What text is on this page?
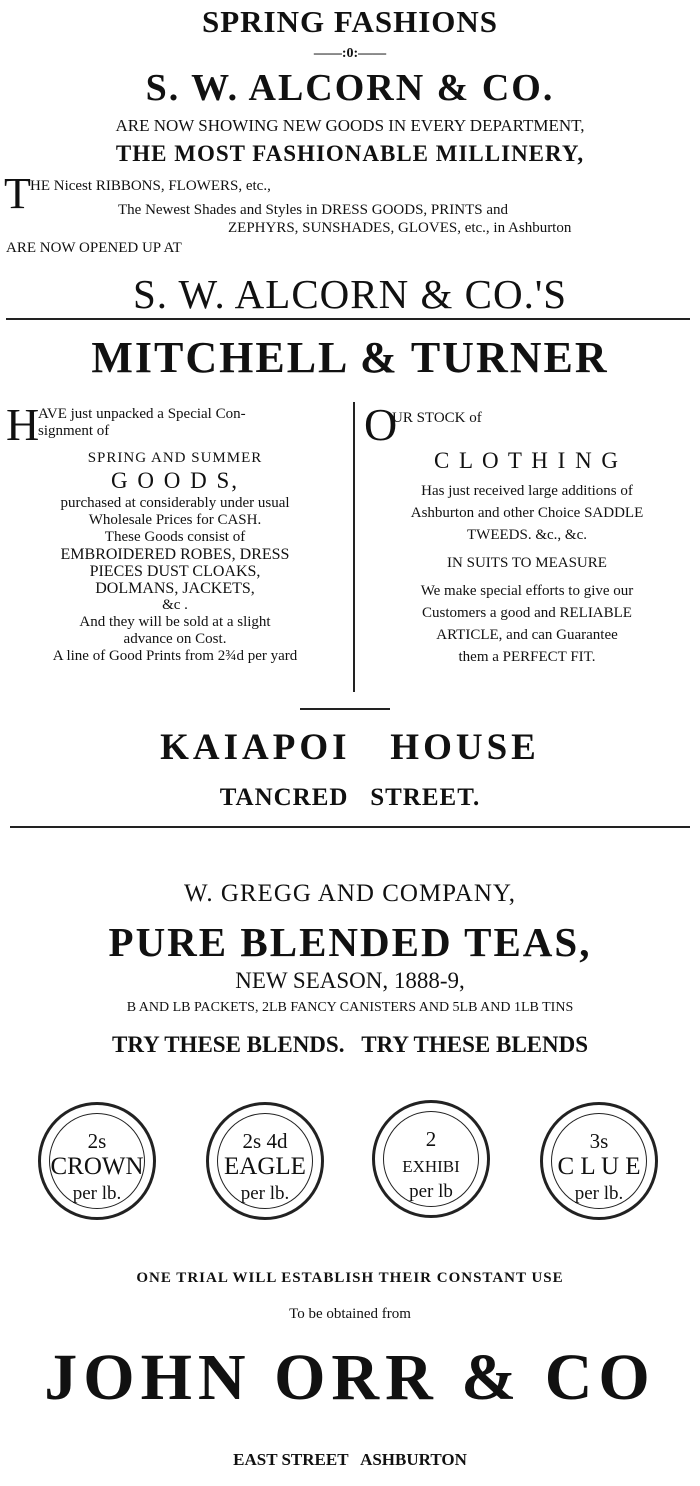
SPRING FASHIONS
——:0:——
S. W. ALCORN & CO.
ARE NOW SHOWING NEW GOODS IN EVERY DEPARTMENT,
THE MOST FASHIONABLE MILLINERY,
T HE Nicest RIBBONS, FLOWERS, etc.,
The Newest Shades and Styles in DRESS GOODS, PRINTS and
ZEPHYRS, SUNSHADES, GLOVES, etc., in Ashburton
ARE NOW OPENED UP AT
S. W. ALCORN & CO.'S
MITCHELL & TURNER
H
AVE just unpacked a Special Con-
signment of
SPRING AND SUMMER
G O O D S,
purchased at considerably under usual
Wholesale Prices for CASH.
These Goods consist of
EMBROIDERED ROBES, DRESS
PIECES DUST CLOAKS,
DOLMANS, JACKETS,
&c .
And they will be sold at a slight
advance on Cost.
A line of Good Prints from 2¾d per yard
O
UR STOCK of
C L O T H I N G
Has just received large additions of
Ashburton and other Choice SADDLE
TWEEDS. &c., &c.
IN SUITS TO MEASURE
We make special efforts to give our
Customers a good and RELIABLE
ARTICLE, and can Guarantee
them a PERFECT FIT.
KAIAPOI   HOUSE
TANCRED   STREET.
W. GREGG AND COMPANY,
PURE BLENDED TEAS,
NEW SEASON, 1888-9,
B AND LB PACKETS, 2LB FANCY CANISTERS AND 5LB AND 1LB TINS
TRY THESE BLENDS.   TRY THESE BLENDS
2s
CROWN
per lb.
2s 4d
EAGLE
per lb.
2
EXHIBI
per lb
3s
C L U E
per lb.
ONE TRIAL WILL ESTABLISH THEIR CONSTANT USE
To be obtained from
JOHN ORR & CO
EAST STREET   ASHBURTON
